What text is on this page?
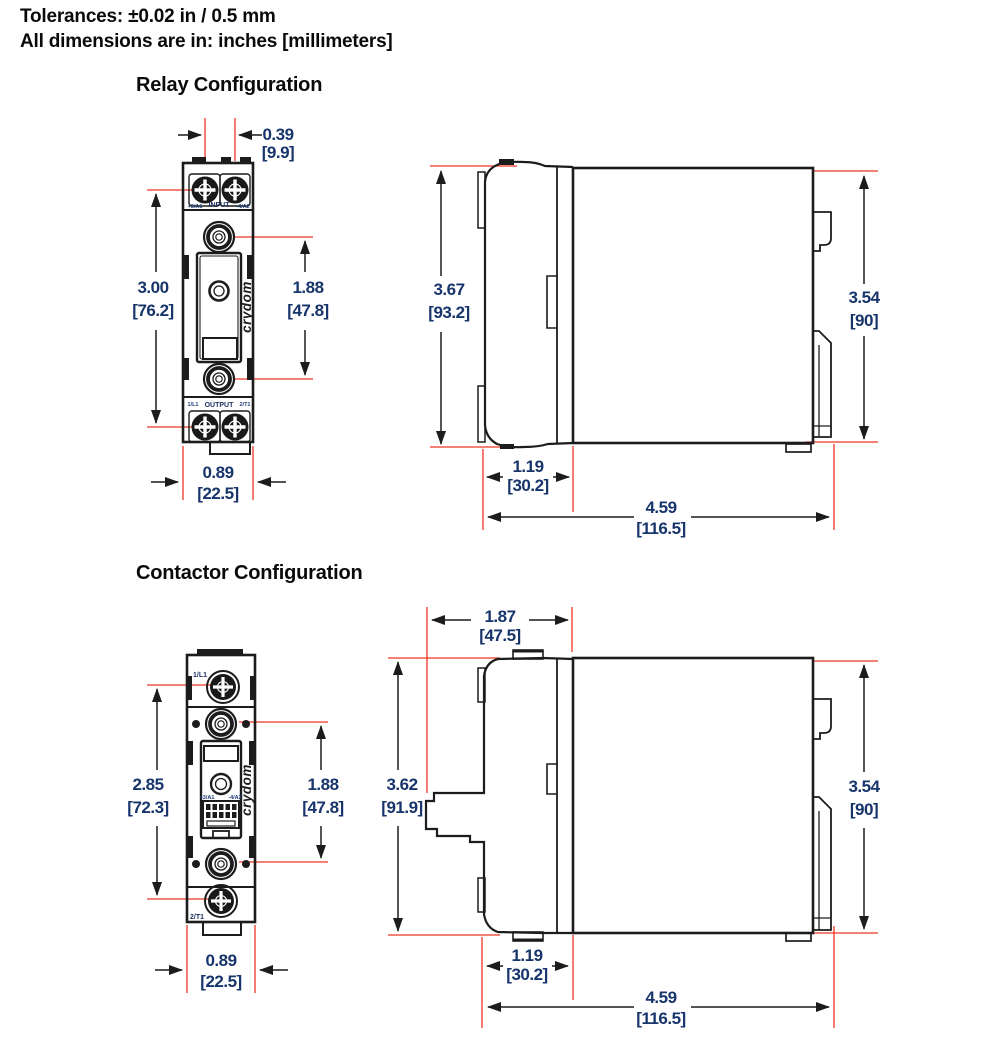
Tolerances: ±0.02 in / 0.5 mm
All dimensions are in: inches [millimeters]
Relay Configuration
Contactor Configuration
+3/A1 INPUT -4/A2
crydom
1/L1 OUTPUT 2/T1
0.39
[9.9]
3.00
[76.2]
1.88
[47.8]
0.89
[22.5]
3.67
[93.2]
3.54
[90]
1.19
[30.2]
4.59
[116.5]
1/L1
+3/A1	-4/A2
crydom
2/T1
2.85
[72.3]
1.88
[47.8]
0.89
[22.5]
1.87
[47.5]
3.62
[91.9]
3.54
[90]
1.19
[30.2]
4.59
[116.5]
